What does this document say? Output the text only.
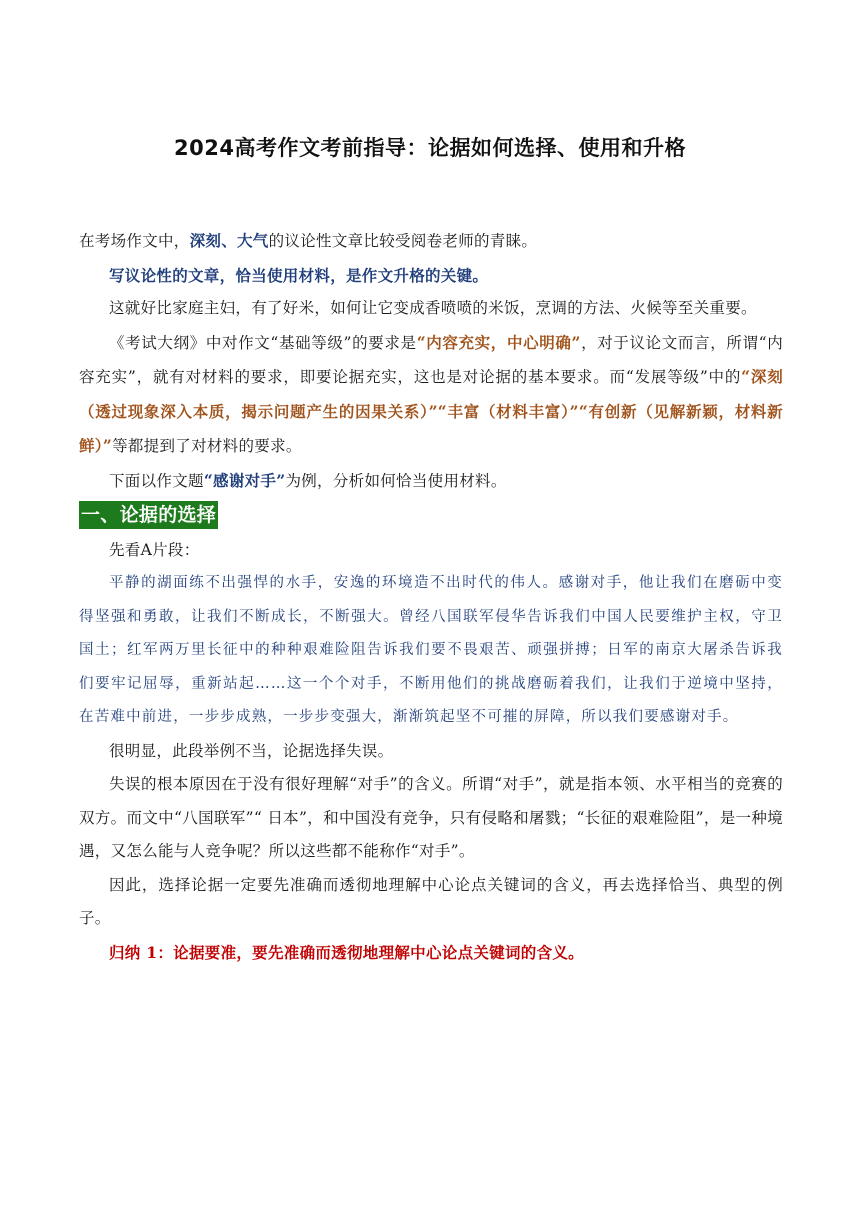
2024高考作文考前指导：论据如何选择、使用和升格

在考场作文中，深刻、大气的议论性文章比较受阅卷老师的青睐。

写议论性的文章，恰当使用材料，是作文升格的关键。

这就好比家庭主妇，有了好米，如何让它变成香喷喷的米饭，烹调的方法、火候等至关重要。

《考试大纲》中对作文“基础等级”的要求是“内容充实，中心明确”，对于议论文而言，所谓“内容充实”，就有对材料的要求，即要论据充实，这也是对论据的基本要求。而“发展等级”中的“深刻（透过现象深入本质，揭示问题产生的因果关系）”“丰富（材料丰富）”“有创新（见解新颖，材料新鲜）”等都提到了对材料的要求。

下面以作文题“感谢对手”为例，分析如何恰当使用材料。

一、论据的选择

先看A片段：

平静的湖面练不出强悍的水手，安逸的环境造不出时代的伟人。感谢对手，他让我们在磨砺中变得坚强和勇敢，让我们不断成长，不断强大。曾经八国联军侵华告诉我们中国人民要维护主权，守卫国土；红军两万里长征中的种种艰难险阻告诉我们要不畏艰苦、顽强拼搏；日军的南京大屠杀告诉我们要牢记屈辱，重新站起……这一个个对手，不断用他们的挑战磨砺着我们，让我们于逆境中坚持，在苦难中前进，一步步成熟，一步步变强大，渐渐筑起坚不可摧的屏障，所以我们要感谢对手。

很明显，此段举例不当，论据选择失误。

失误的根本原因在于没有很好理解“对手”的含义。所谓“对手”，就是指本领、水平相当的竞赛的双方。而文中“八国联军”“ 日本”，和中国没有竞争，只有侵略和屠戮；“长征的艰难险阻”，是一种境遇，又怎么能与人竞争呢？所以这些都不能称作“对手”。

因此，选择论据一定要先准确而透彻地理解中心论点关键词的含义，再去选择恰当、典型的例子。

归纳 1：论据要准，要先准确而透彻地理解中心论点关键词的含义。
